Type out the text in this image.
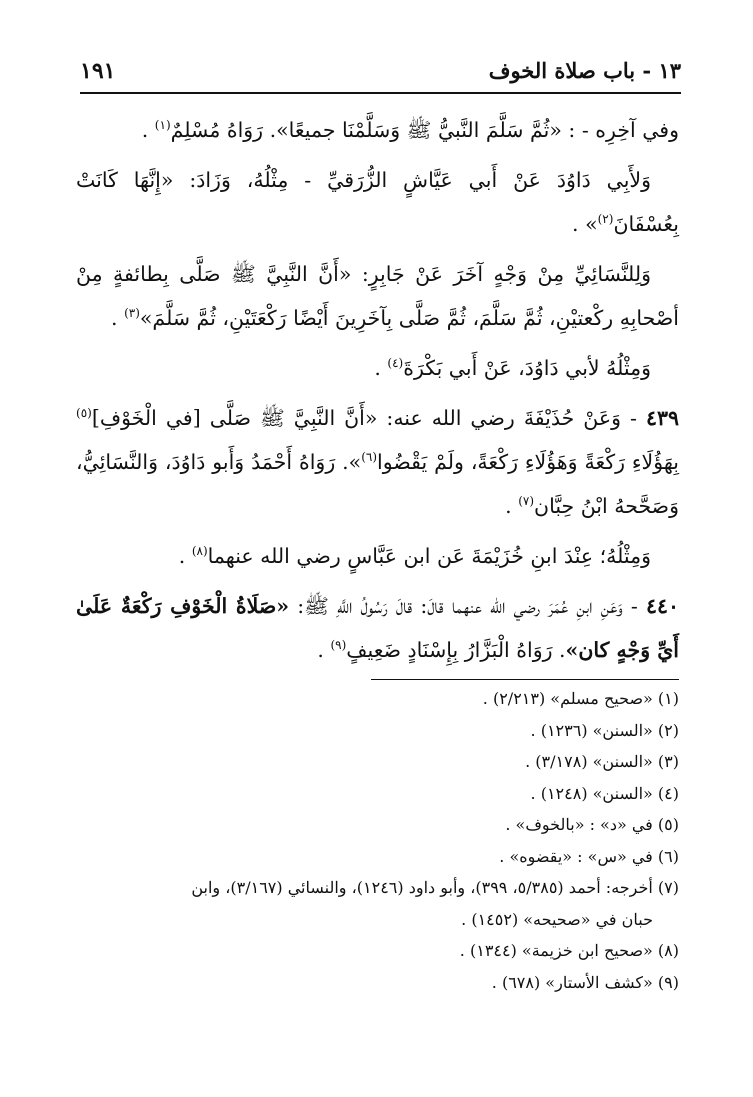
١٣ - باب صلاة الخوف
١٩١

وفي آخِرِه - : «ثُمَّ سَلَّمَ النَّبيُّ ﷺ وَسَلَّمْنَا جميعًا». رَوَاهُ مُسْلِمٌ$^{(١)}$ .

وَلأَبِي دَاوُدَ عَنْ أَبي عَيَّاشٍ الزُّرَقيِّ - مِثْلُهُ، وَزَادَ: «إِنَّهَا كَانَتْ بِعُسْفَانَ$^{(٢)}$» .

وَلِلنَّسَائِيِّ مِنْ وَجْهٍ آخَرَ عَنْ جَابِرٍ: «أَنَّ النَّبِيَّ ﷺ صَلَّى بِطائفةٍ مِنْ أصْحابِهِ ركْعتيْنِ، ثُمَّ سَلَّمَ، ثُمَّ صَلَّى بِآخَرِينَ أَيْضًا رَكْعَتَيْنِ، ثُمَّ سَلَّمَ»$^{(٣)}$ .

وَمِثْلُهُ لأبي دَاوُدَ، عَنْ أَبي بَكْرَةَ$^{(٤)}$ .

٤٣٩ - وَعَنْ حُذَيْفَةَ رضي الله عنه: «أَنَّ النَّبِيَّ ﷺ صَلَّى [في الْخَوْفِ]$^{(٥)}$ بِهَؤُلَاءِ رَكْعَةً وَهَؤُلَاءِ رَكْعَةً، ولَمْ يَقْضُوا$^{(٦)}$». رَوَاهُ أَحْمَدُ وَأَبو دَاوُدَ، وَالنَّسَائِيُّ، وَصَحَّحهُ ابْنُ حِبَّان$^{(٧)}$ .

وَمِثْلُهُ؛ عِنْدَ ابنِ خُزَيْمَةَ عَن ابن عَبَّاسٍ رضي الله عنهما$^{(٨)}$ .

٤٤٠ - وَعَنِ ابنِ عُمَرَ رضي الله عنهما قالَ: قالَ رَسُولُ اللَّهِ ﷺ: «صَلَاةُ الْخَوْفِ رَكْعَةٌ عَلَىٰ أَيِّ وَجْهٍ كان». رَوَاهُ الْبَزَّارُ بِإِسْنَادٍ ضَعِيفٍ$^{(٩)}$ .

(١) «صحيح مسلم» (٢/٢١٣) .

(٢) «السنن» (١٢٣٦) .

(٣) «السنن» (٣/١٧٨) .

(٤) «السنن» (١٢٤٨) .

(٥) في «د» : «بالخوف» .

(٦) في «س» : «يقضوه» .

(٧) أخرجه: أحمد (٥/٣٨٥، ٣٩٩)، وأبو داود (١٢٤٦)، والنسائي (٣/١٦٧)، وابن

حبان في «صحيحه» (١٤٥٢) .

(٨) «صحيح ابن خزيمة» (١٣٤٤) .

(٩) «كشف الأستار» (٦٧٨) .
